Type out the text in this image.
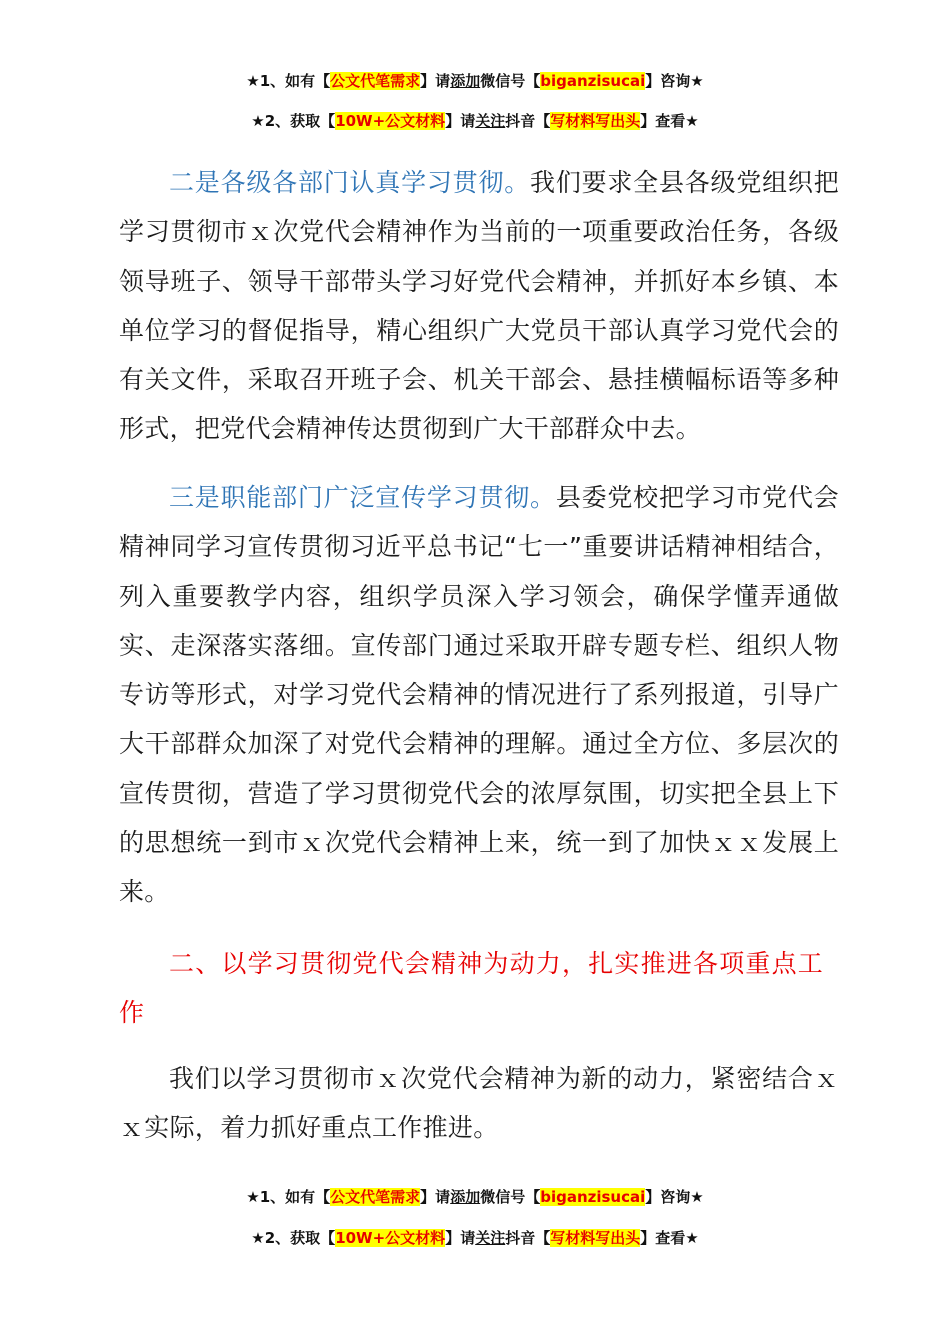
★1、如有【公文代笔需求】请添加微信号【biganzisucai】咨询★
★2、获取【10W+公文材料】请关注抖音【写材料写出头】查看★

二是各级各部门认真学习贯彻。我们要求全县各级党组织把学习贯彻市ｘ次党代会精神作为当前的一项重要政治任务，各级领导班子、领导干部带头学习好党代会精神，并抓好本乡镇、本单位学习的督促指导，精心组织广大党员干部认真学习党代会的有关文件，采取召开班子会、机关干部会、悬挂横幅标语等多种形式，把党代会精神传达贯彻到广大干部群众中去。

三是职能部门广泛宣传学习贯彻。县委党校把学习市党代会精神同学习宣传贯彻习近平总书记“七一”重要讲话精神相结合，列入重要教学内容，组织学员深入学习领会，确保学懂弄通做实、走深落实落细。宣传部门通过采取开辟专题专栏、组织人物专访等形式，对学习党代会精神的情况进行了系列报道，引导广大干部群众加深了对党代会精神的理解。通过全方位、多层次的宣传贯彻，营造了学习贯彻党代会的浓厚氛围，切实把全县上下的思想统一到市ｘ次党代会精神上来，统一到了加快ｘｘ发展上来。

二、以学习贯彻党代会精神为动力，扎实推进各项重点工作

我们以学习贯彻市ｘ次党代会精神为新的动力，紧密结合ｘｘ实际，着力抓好重点工作推进。

★1、如有【公文代笔需求】请添加微信号【biganzisucai】咨询★
★2、获取【10W+公文材料】请关注抖音【写材料写出头】查看★
